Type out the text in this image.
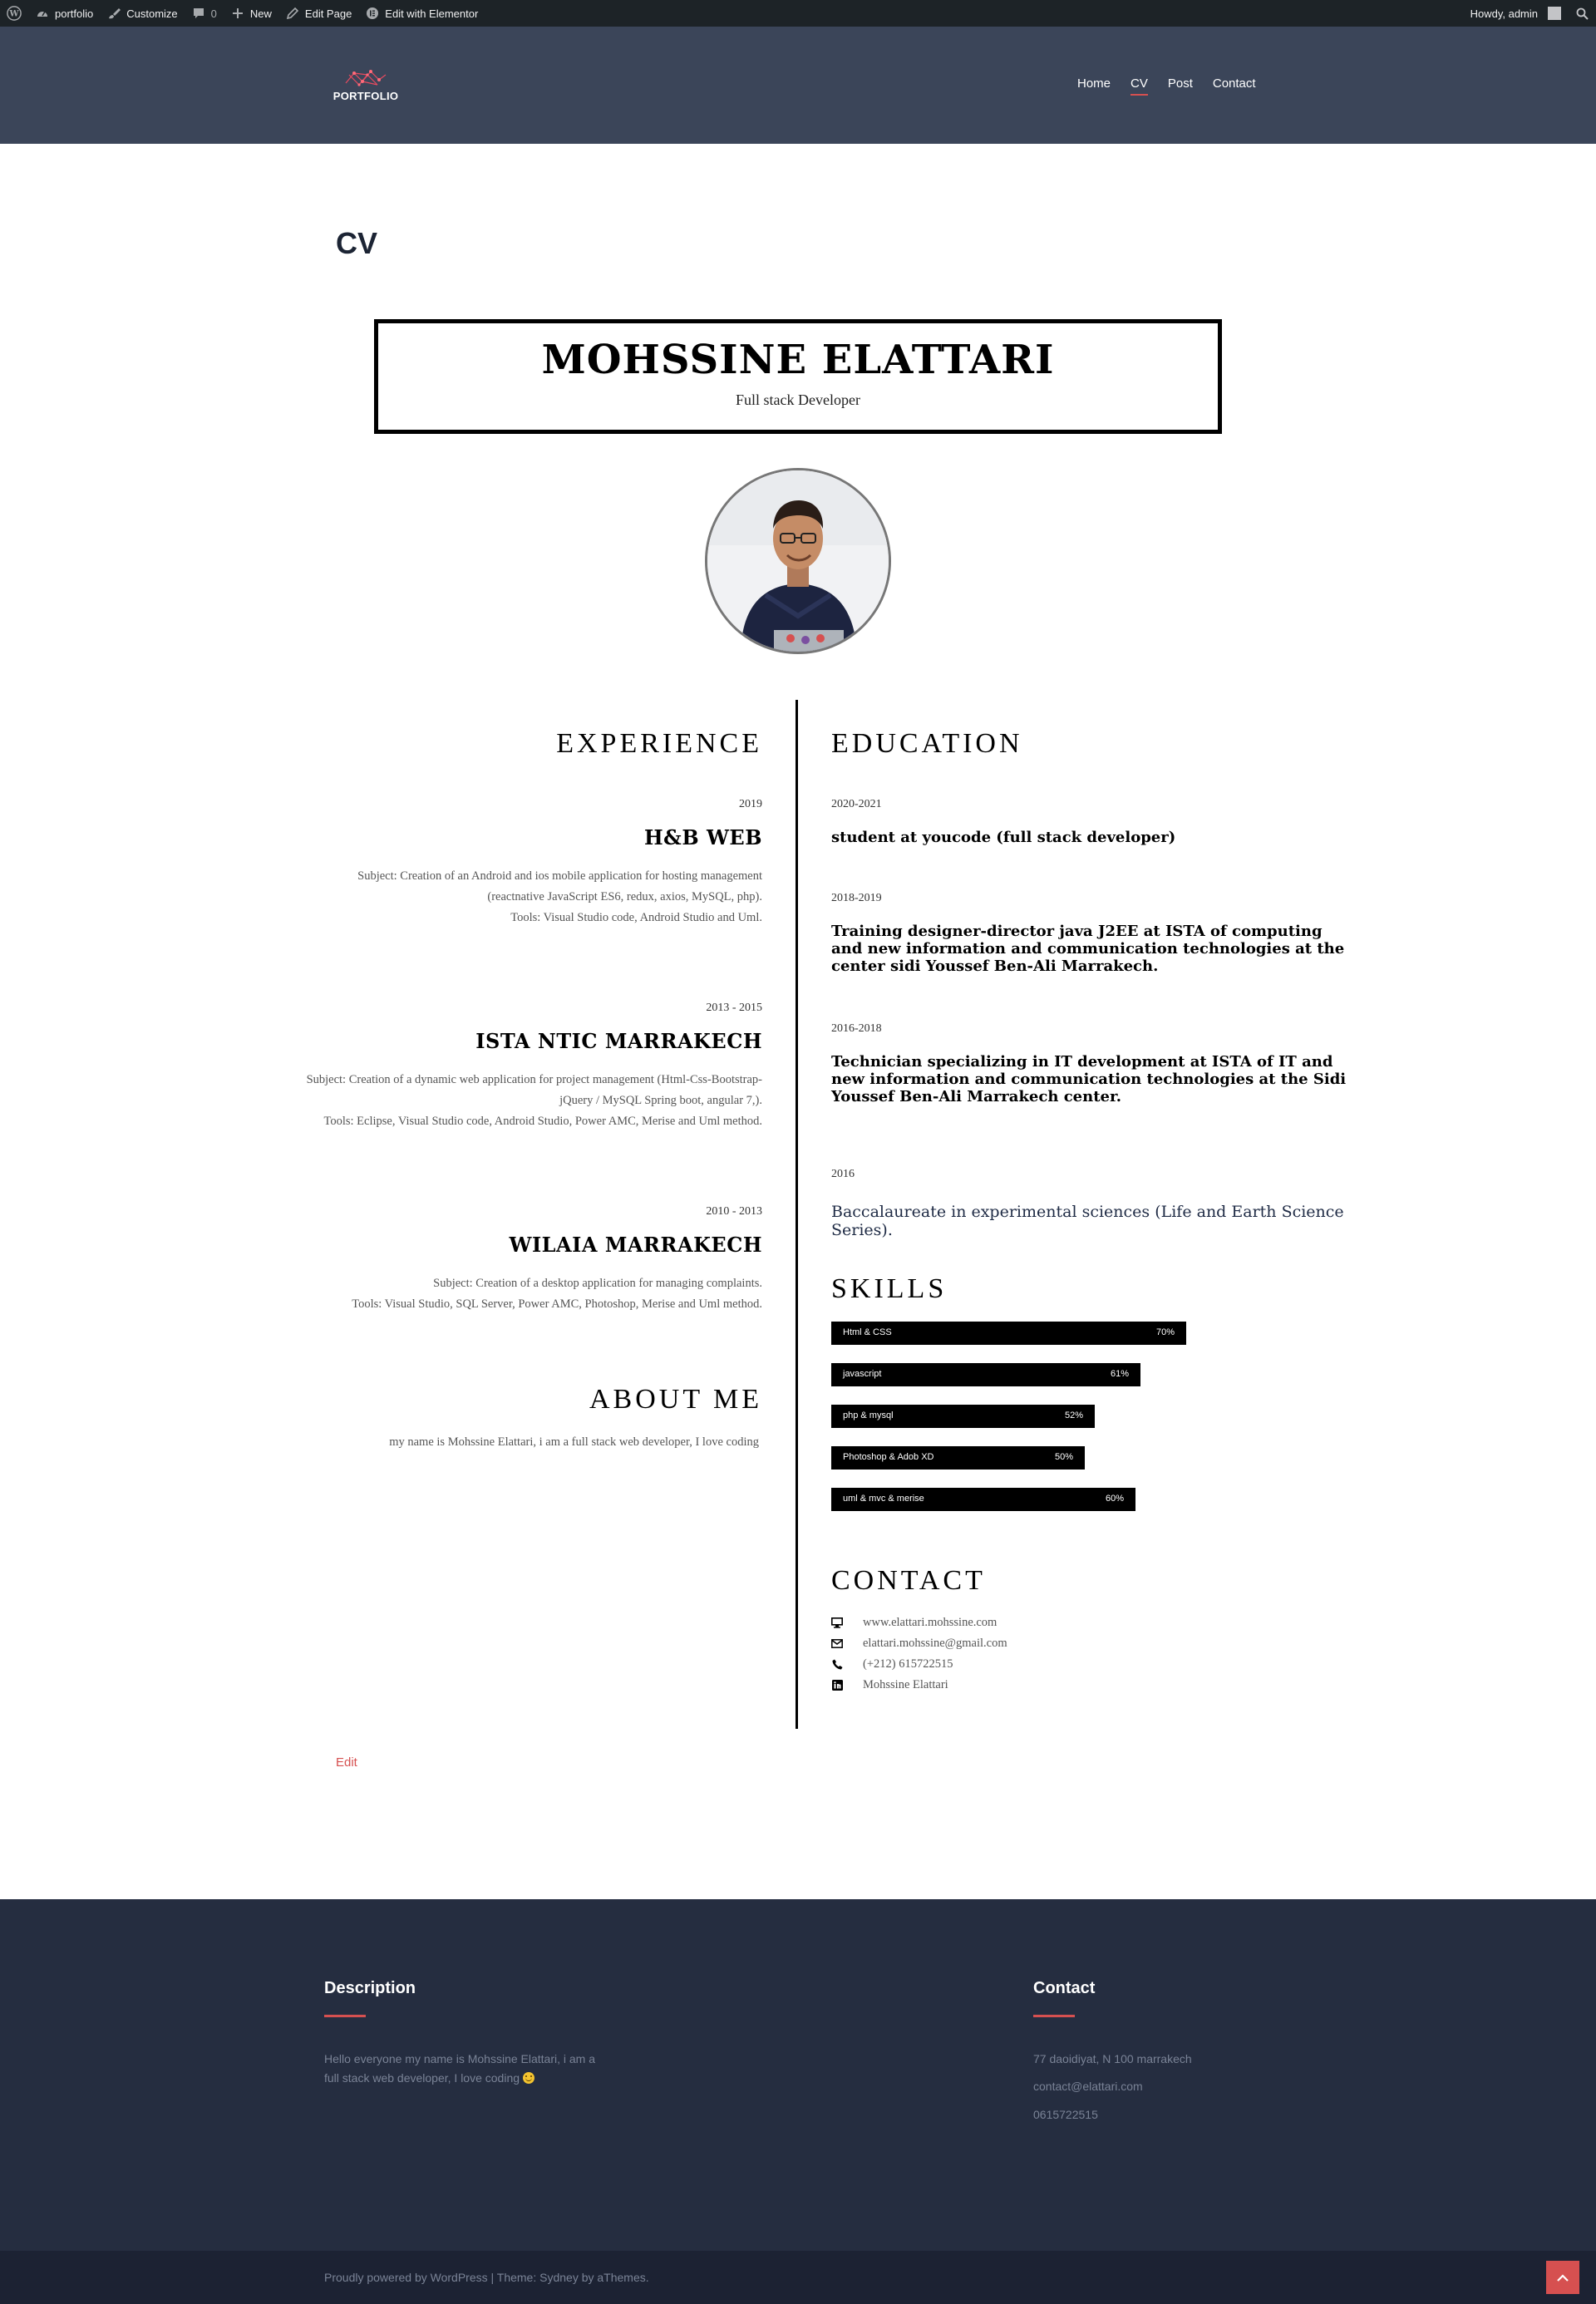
W	portfolio	Customize	0	New	Edit Page	Edit with Elementor	Howdy, admin
PORTFOLIO
Home	CV	Post	Contact
CV
MOHSSINE ELATTARI
Full stack Developer
EXPERIENCE
2019
H&B WEB
Subject: Creation of an Android and ios mobile application for hosting management
(reactnative JavaScript ES6, redux, axios, MySQL, php).
Tools: Visual Studio code, Android Studio and Uml.
2013 - 2015
ISTA NTIC MARRAKECH
Subject: Creation of a dynamic web application for project management (Html-Css-Bootstrap-
jQuery / MySQL Spring boot, angular 7,).
Tools: Eclipse, Visual Studio code, Android Studio, Power AMC, Merise and Uml method.
2010 - 2013
WILAIA MARRAKECH
Subject: Creation of a desktop application for managing complaints.
Tools: Visual Studio, SQL Server, Power AMC, Photoshop, Merise and Uml method.
ABOUT ME
my name is Mohssine Elattari, i am a full stack web developer, I love coding
EDUCATION
2020-2021
student at youcode (full stack developer)
2018-2019
Training designer-director java J2EE at ISTA of computing and new information and communication technologies at the center sidi Youssef Ben-Ali Marrakech.
2016-2018
Technician specializing in IT development at ISTA of IT and new information and communication technologies at the Sidi Youssef Ben-Ali Marrakech center.
2016
Baccalaureate in experimental sciences (Life and Earth Science Series).
SKILLS
Html & CSS	70%
javascript	61%
php & mysql	52%
Photoshop & Adob XD	50%
uml & mvc & merise	60%
CONTACT
www.elattari.mohssine.com
elattari.mohssine@gmail.com
(+212) 615722515
Mohssine Elattari
Edit
Description
Hello everyone my name is Mohssine Elattari, i am a
full stack web developer, I love coding
Contact
77 daoidiyat, N 100 marrakech
contact@elattari.com
0615722515
Proudly powered by WordPress | Theme: Sydney by aThemes.
